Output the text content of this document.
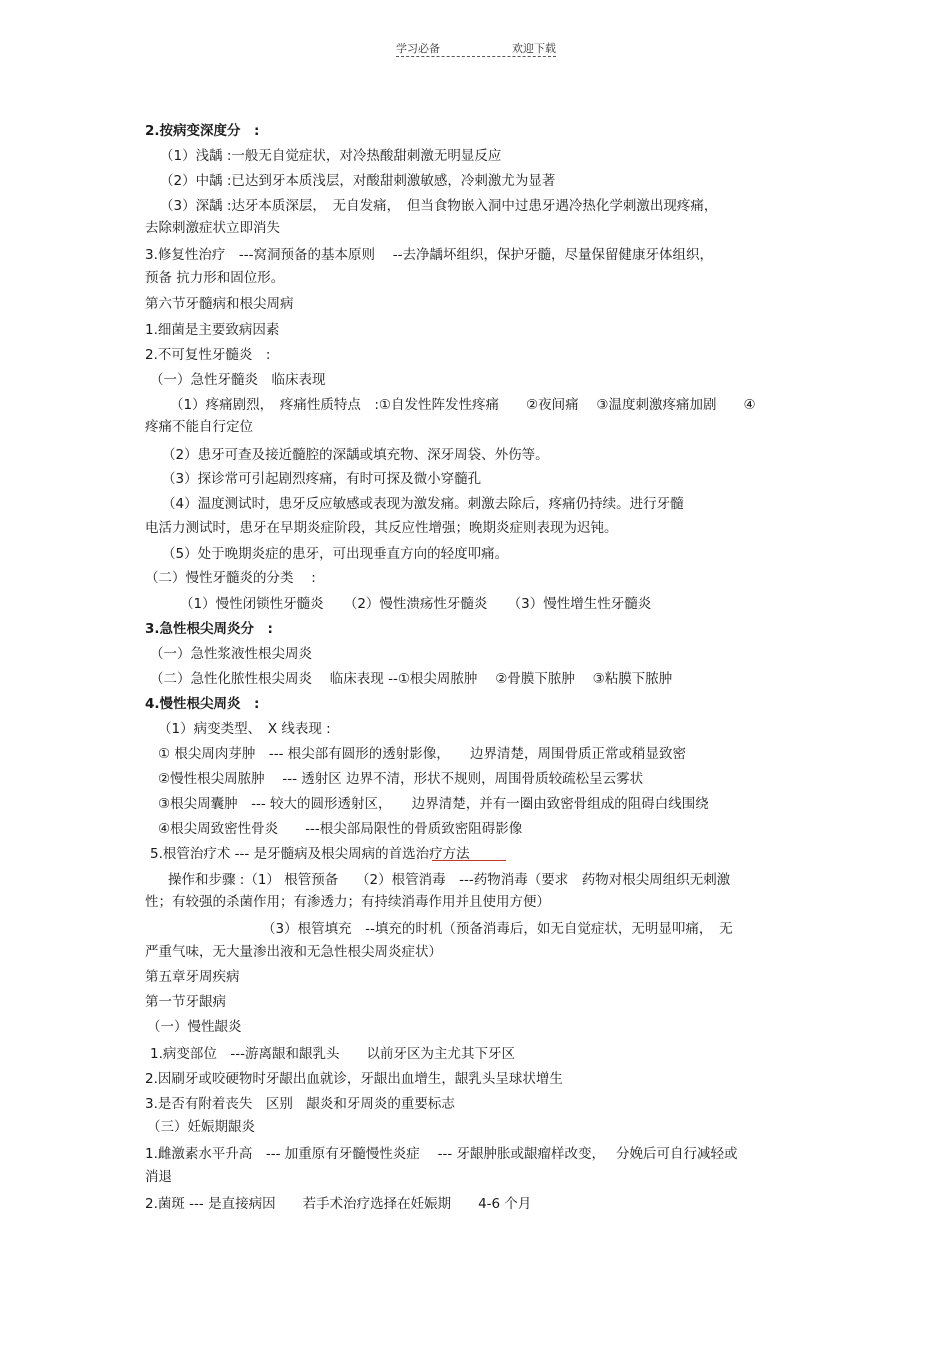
学习必备	欢迎下载
2.按病变深度分　:
（1）浅龋 :一般无自觉症状，对冷热酸甜刺激无明显反应
（2）中龋 :已达到牙本质浅层，对酸甜刺激敏感，冷刺激尤为显著
（3）深龋 :达牙本质深层，　无自发痛，　但当食物嵌入洞中过患牙遇冷热化学刺激出现疼痛，
去除刺激症状立即消失
3.修复性治疗　---窝洞预备的基本原则　 --去净龋坏组织，保护牙髓，尽量保留健康牙体组织，
预备 抗力形和固位形。
第六节牙髓病和根尖周病
1.细菌是主要致病因素
2.不可复性牙髓炎　:
（一）急性牙髓炎　临床表现
（1）疼痛剧烈，　疼痛性质特点　:①自发性阵发性疼痛　　②夜间痛　 ③温度刺激疼痛加剧　　④
疼痛不能自行定位
（2）患牙可查及接近髓腔的深龋或填充物、深牙周袋、外伤等。
（3）探诊常可引起剧烈疼痛，有时可探及微小穿髓孔
（4）温度测试时，患牙反应敏感或表现为激发痛。刺激去除后，疼痛仍持续。进行牙髓
电活力测试时，患牙在早期炎症阶段，其反应性增强；晚期炎症则表现为迟钝。
（5）处于晚期炎症的患牙，可出现垂直方向的轻度叩痛。
（二）慢性牙髓炎的分类　 :
（1）慢性闭锁性牙髓炎　　（2）慢性溃疡性牙髓炎　　（3）慢性增生性牙髓炎
3.急性根尖周炎分　:
（一）急性浆液性根尖周炎
（二）急性化脓性根尖周炎　 临床表现 --①根尖周脓肿　 ②骨膜下脓肿　 ③粘膜下脓肿
4.慢性根尖周炎　:
（1）病变类型、　X 线表现 :
① 根尖周肉芽肿　--- 根尖部有圆形的透射影像，　　边界清楚，周围骨质正常或稍显致密
②慢性根尖周脓肿　 --- 透射区 边界不清，形状不规则，周围骨质较疏松呈云雾状
③根尖周囊肿　--- 较大的圆形透射区，　　边界清楚，并有一圈由致密骨组成的阻碍白线围绕
④根尖周致密性骨炎　　---根尖部局限性的骨质致密阻碍影像
5.根管治疗术 --- 是牙髓病及根尖周病的首选治疗方法
操作和步骤 :（1） 根管预备　 （2）根管消毒　---药物消毒（要求　药物对根尖周组织无刺激
性；有较强的杀菌作用；有渗透力；有持续消毒作用并且使用方便）
（3）根管填充　--填充的时机（预备消毒后，如无自觉症状，无明显叩痛，　无
严重气味，无大量渗出液和无急性根尖周炎症状）
第五章牙周疾病
第一节牙龈病
（一）慢性龈炎
1.病变部位　---游离龈和龈乳头　　以前牙区为主尤其下牙区
2.因刷牙或咬硬物时牙龈出血就诊，牙龈出血增生，龈乳头呈球状增生
3.是否有附着丧失　区别　龈炎和牙周炎的重要标志
（三）妊娠期龈炎
1.雌激素水平升高　--- 加重原有牙髓慢性炎症　 --- 牙龈肿胀或龈瘤样改变，　 分娩后可自行减轻或
消退
2.菌斑 --- 是直接病因　　若手术治疗选择在妊娠期　　4-6 个月
